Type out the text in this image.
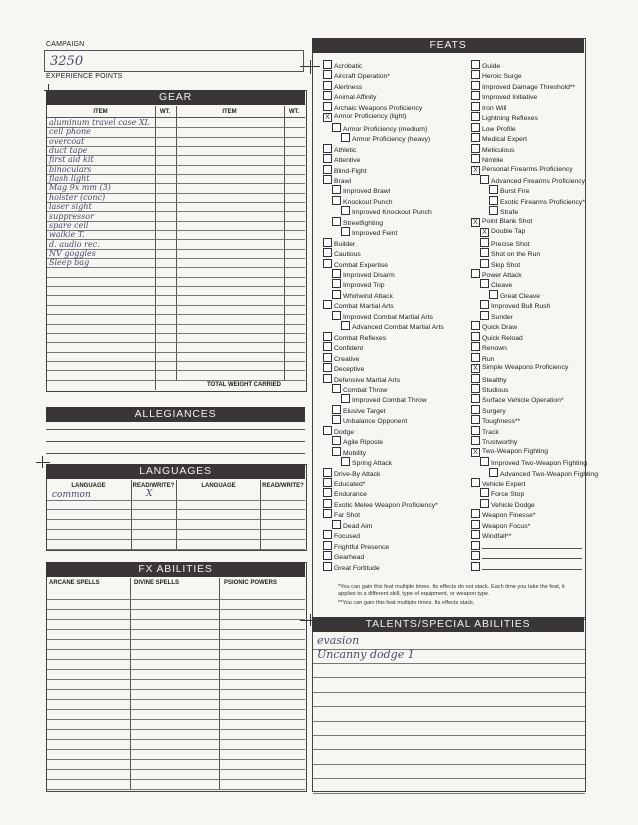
CAMPAIGN
3250
EXPERIENCE POINTS
GEAR
ITEM	WT.	ITEM	WT.
aluminum travel case XL
cell phone
overcoat
duct tape
first aid kit
binoculars
flash light
Mag 9x mm (3)
holster (conc)
laser sight
suppressor
spare cell
walkie T.
d. audio rec.
NV goggles
Sleep bag
TOTAL WEIGHT CARRIED
ALLEGIANCES
LANGUAGES
LANGUAGE	READ/WRITE?	LANGUAGE	READ/WRITE?
common	X
FX ABILITIES
ARCANE SPELLS	DIVINE SPELLS	PSIONIC POWERS
FEATS
Acrobatic
Aircraft Operation*
Alertness
Animal Affinity
Archaic Weapons Proficiency
X Armor Proficiency (light)
Armor Proficiency (medium)
Armor Proficiency (heavy)
Athletic
Attentive
Blind-Fight
Brawl
Improved Brawl
Knockout Punch
Improved Knockout Punch
Streetfighting
Improved Feint
Builder
Cautious
Combat Expertise
Improved Disarm
Improved Trip
Whirlwind Attack
Combat Martial Arts
Improved Combat Martial Arts
Advanced Combat Martial Arts
Combat Reflexes
Confident
Creative
Deceptive
Defensive Martial Arts
Combat Throw
Improved Combat Throw
Elusive Target
Unbalance Opponent
Dodge
Agile Riposte
Mobility
Spring Attack
Drive-By Attack
Educated*
Endurance
Exotic Melee Weapon Proficiency*
Far Shot
Dead Aim
Focused
Frightful Presence
Gearhead
Great Fortitude
Guide
Heroic Surge
Improved Damage Threshold**
Improved Initiative
Iron Will
Lightning Reflexes
Low Profile
Medical Expert
Meticulous
Nimble
X Personal Firearms Proficiency
Advanced Firearms Proficiency
Burst Fire
Exotic Firearms Proficiency*
Strafe
X Point Blank Shot
X Double Tap
Precise Shot
Shot on the Run
Skip Shot
Power Attack
Cleave
Great Cleave
Improved Bull Rush
Sunder
Quick Draw
Quick Reload
Renown
Run
X Simple Weapons Proficiency
Stealthy
Studious
Surface Vehicle Operation*
Surgery
Toughness**
Track
Trustworthy
X Two-Weapon Fighting
Improved Two-Weapon Fighting
Advanced Two-Weapon Fighting
Vehicle Expert
Force Stop
Vehicle Dodge
Weapon Finesse*
Weapon Focus*
Windfall**
*You can gain this feat multiple times. Its effects do not stack. Each time you take the feat, it applies to a different skill, type of equipment, or weapon type.
**You can gain this feat multiple times. Its effects stack.
TALENTS/SPECIAL ABILITIES
evasion
Uncanny dodge 1
